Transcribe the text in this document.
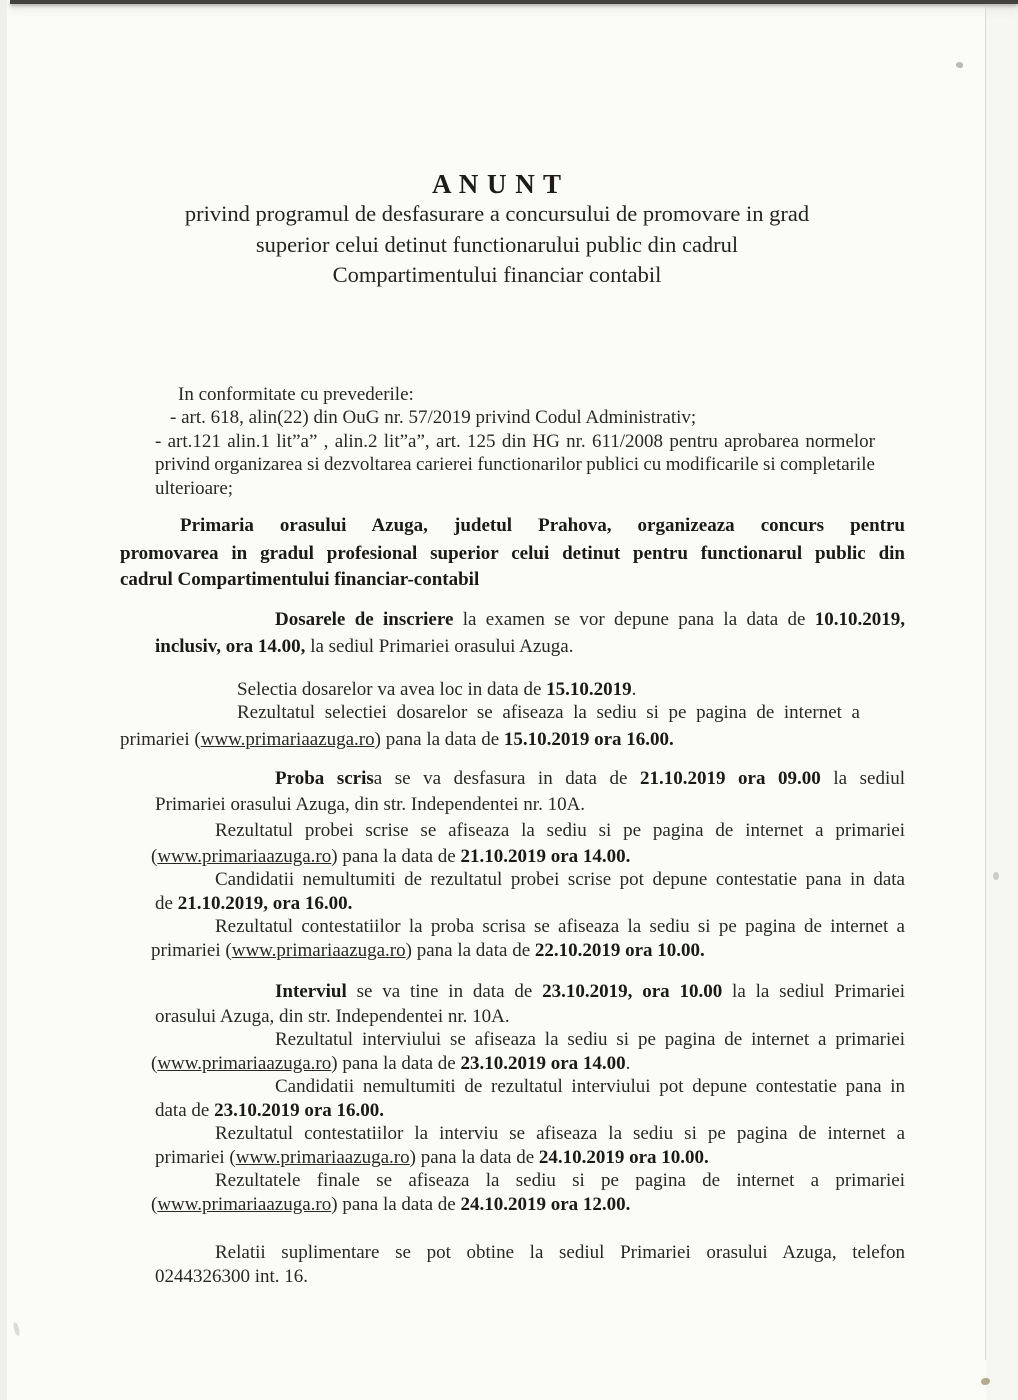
A N U N T
privind programul de desfasurare a concursului de promovare in grad
superior celui detinut functionarului public din cadrul
Compartimentului financiar contabil
In conformitate cu prevederile:
- art. 618, alin(22) din OuG nr. 57/2019 privind Codul Administrativ;
- art.121 alin.1 lit”a” , alin.2 lit”a”, art. 125 din HG nr. 611/2008 pentru aprobarea normelor
privind organizarea si dezvoltarea carierei functionarilor publici cu modificarile si completarile
ulterioare;
Primaria orasului Azuga, judetul Prahova, organizeaza concurs pentru
promovarea in gradul profesional superior celui detinut pentru functionarul public din
cadrul Compartimentului financiar-contabil
Dosarele de inscriere la examen se vor depune pana la data de 10.10.2019,
inclusiv, ora 14.00, la sediul Primariei orasului Azuga.
Selectia dosarelor va avea loc in data de 15.10.2019.
Rezultatul selectiei dosarelor se afiseaza la sediu si pe pagina de internet a
primariei (www.primariaazuga.ro) pana la data de 15.10.2019 ora 16.00.
Proba scrisa se va desfasura in data de 21.10.2019 ora 09.00 la sediul
Primariei orasului Azuga, din str. Independentei nr. 10A.
Rezultatul probei scrise se afiseaza la sediu si pe pagina de internet a primariei
(www.primariaazuga.ro) pana la data de 21.10.2019 ora 14.00.
Candidatii nemultumiti de rezultatul probei scrise pot depune contestatie pana in data
de 21.10.2019, ora 16.00.
Rezultatul contestatiilor la proba scrisa se afiseaza la sediu si pe pagina de internet a
primariei (www.primariaazuga.ro) pana la data de 22.10.2019 ora 10.00.
Interviul se va tine in data de 23.10.2019, ora 10.00 la la sediul Primariei
orasului Azuga, din str. Independentei nr. 10A.
Rezultatul interviului se afiseaza la sediu si pe pagina de internet a primariei
(www.primariaazuga.ro) pana la data de 23.10.2019 ora 14.00.
Candidatii nemultumiti de rezultatul interviului pot depune contestatie pana in
data de 23.10.2019 ora 16.00.
Rezultatul contestatiilor la interviu se afiseaza la sediu si pe pagina de internet a
primariei (www.primariaazuga.ro) pana la data de 24.10.2019 ora 10.00.
Rezultatele finale se afiseaza la sediu si pe pagina de internet a primariei
(www.primariaazuga.ro) pana la data de 24.10.2019 ora 12.00.
Relatii suplimentare se pot obtine la sediul Primariei orasului Azuga, telefon
0244326300 int. 16.
